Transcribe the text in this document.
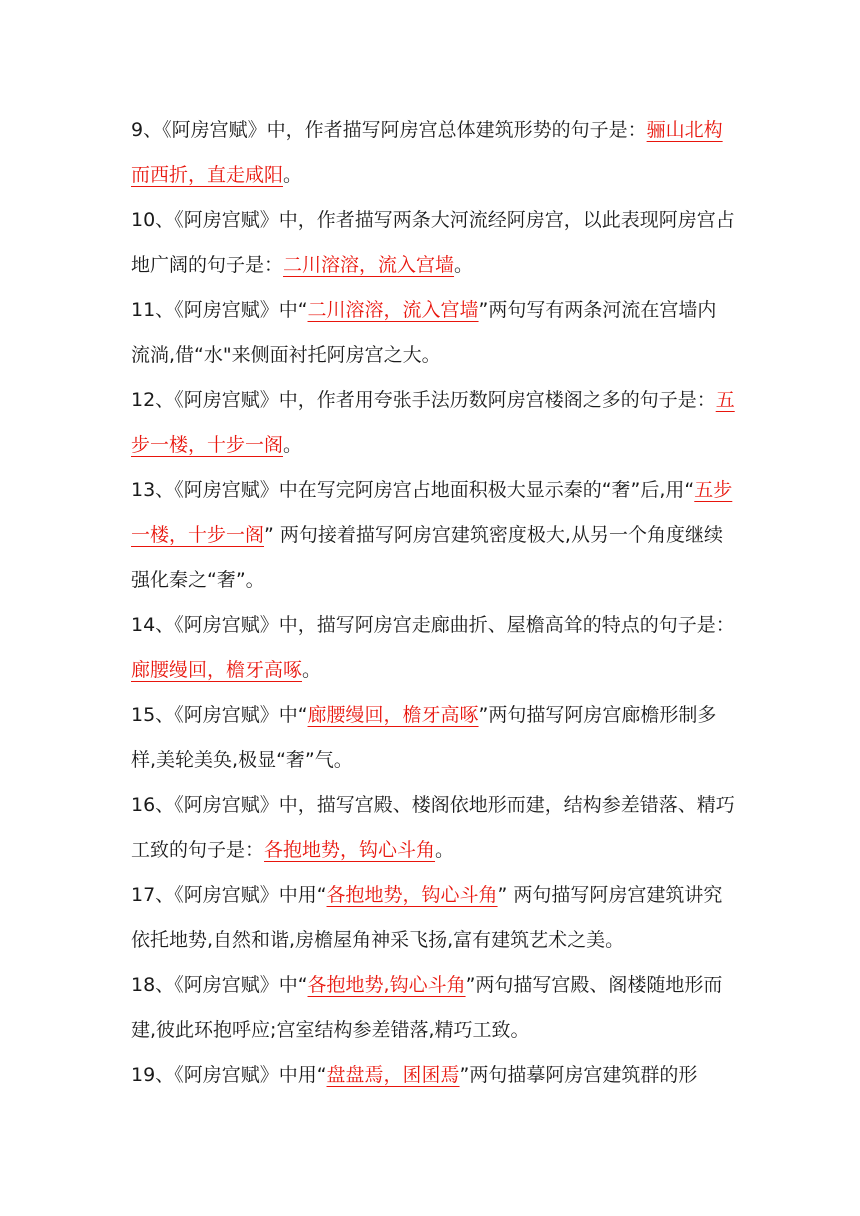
9、《阿房宫赋》中，作者描写阿房宫总体建筑形势的句子是：骊山北构而西折，直走咸阳。

10、《阿房宫赋》中，作者描写两条大河流经阿房宫，以此表现阿房宫占地广阔的句子是：二川溶溶，流入宫墙。

11、《阿房宫赋》中“二川溶溶，流入宫墙”两句写有两条河流在宫墙内流淌,借“水"来侧面衬托阿房宫之大。

12、《阿房宫赋》中，作者用夸张手法历数阿房宫楼阁之多的句子是：五步一楼，十步一阁。

13、《阿房宫赋》中在写完阿房宫占地面积极大显示秦的“奢”后,用“五步一楼，十步一阁” 两句接着描写阿房宫建筑密度极大,从另一个角度继续强化秦之“奢”。

14、《阿房宫赋》中，描写阿房宫走廊曲折、屋檐高耸的特点的句子是：廊腰缦回，檐牙高啄。

15、《阿房宫赋》中“廊腰缦回，檐牙高啄”两句描写阿房宫廊檐形制多样,美轮美奂,极显“奢”气。

16、《阿房宫赋》中，描写宫殿、楼阁依地形而建，结构参差错落、精巧工致的句子是：各抱地势，钩心斗角。

17、《阿房宫赋》中用“各抱地势，钩心斗角” 两句描写阿房宫建筑讲究依托地势,自然和谐,房檐屋角神采飞扬,富有建筑艺术之美。

18、《阿房宫赋》中“各抱地势,钩心斗角”两句描写宫殿、阁楼随地形而建,彼此环抱呼应;宫室结构参差错落,精巧工致。

19、《阿房宫赋》中用“盘盘焉，囷囷焉”两句描摹阿房宫建筑群的形
